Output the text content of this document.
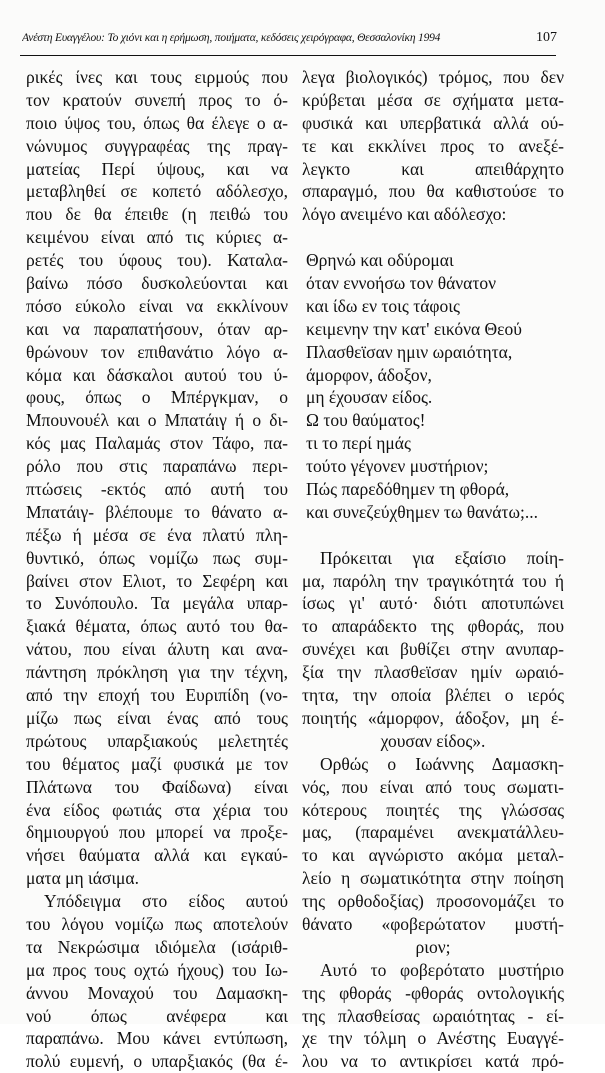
Ανέστη Ευαγγέλου: Το χιόνι και η ερήμωση, ποιήματα, κεδόσεις χειρόγραφα, Θεσσαλονίκη 1994	107
ρικές ίνες και τους ειρμούς που
τον κρατούν συνεπή προς το ό-
ποιο ύψος του, όπως θα έλεγε ο α-
νώνυμος συγγραφέας της πραγ-
ματείας Περί ύψους, και να
μεταβληθεί σε κοπετό αδόλεσχο,
που δε θα έπειθε (η πειθώ του
κειμένου είναι από τις κύριες α-
ρετές του ύφους του). Καταλα-
βαίνω πόσο δυσκολεύονται και
πόσο εύκολο είναι να εκκλίνουν
και να παραπατήσουν, όταν αρ-
θρώνουν τον επιθανάτιο λόγο α-
κόμα και δάσκαλοι αυτού του ύ-
φους, όπως ο Μπέργκμαν, ο
Μπουνουέλ και ο Μπατάιγ ή ο δι-
κός μας Παλαμάς στον Τάφο, πα-
ρόλο που στις παραπάνω περι-
πτώσεις -εκτός από αυτή του
Μπατάιγ- βλέπουμε το θάνατο α-
πέξω ή μέσα σε ένα πλατύ πλη-
θυντικό, όπως νομίζω πως συμ-
βαίνει στον Ελιοτ, το Σεφέρη και
το Συνόπουλο. Τα μεγάλα υπαρ-
ξιακά θέματα, όπως αυτό του θα-
νάτου, που είναι άλυτη και ανα-
πάντηση πρόκληση για την τέχνη,
από την εποχή του Ευριπίδη (νο-
μίζω πως είναι ένας από τους
πρώτους υπαρξιακούς μελετητές
του θέματος μαζί φυσικά με τον
Πλάτωνα του Φαίδωνα) είναι
ένα είδος φωτιάς στα χέρια του
δημιουργού που μπορεί να προξε-
νήσει θαύματα αλλά και εγκαύ-
ματα μη ιάσιμα.
Υπόδειγμα στο είδος αυτού
του λόγου νομίζω πως αποτελούν
τα Νεκρώσιμα ιδιόμελα (ισάριθ-
μα προς τους οχτώ ήχους) του Ιω-
άννου Μοναχού του Δαμασκη-
νού όπως ανέφερα και
παραπάνω. Μου κάνει εντύπωση,
πολύ ευμενή, ο υπαρξιακός (θα έ-
λεγα βιολογικός) τρόμος, που δεν
κρύβεται μέσα σε σχήματα μετα-
φυσικά και υπερβατικά αλλά ού-
τε και εκκλίνει προς το ανεξέ-
λεγκτο και απειθάρχητο
σπαραγμό, που θα καθιστούσε το
λόγο ανειμένο και αδόλεσχο:
Θρηνώ και οδύρομαι
όταν εννοήσω τον θάνατον
και ίδω εν τοις τάφοις
κειμενην την κατ' εικόνα Θεού
Πλασθεϊσαν ημιν ωραιότητα,
άμορφον, άδοξον,
μη έχουσαν είδος.
Ω του θαύματος!
τι το περί ημάς
τούτο γέγονεν μυστήριον;
Πώς παρεδόθημεν τη φθορά,
και συνεζεύχθημεν τω θανάτω;...
Πρόκειται για εξαίσιο ποίη-
μα, παρόλη την τραγικότητά του ή
ίσως γι' αυτό· διότι αποτυπώνει
το απαράδεκτο της φθοράς, που
συνέχει και βυθίζει στην ανυπαρ-
ξία την πλασθεϊσαν ημίν ωραιό-
τητα, την οποία βλέπει ο ιερός
ποιητής «άμορφον, άδοξον, μη έ-
χουσαν είδος».
Ορθώς ο Ιωάννης Δαμασκη-
νός, που είναι από τους σωματι-
κότερους ποιητές της γλώσσας
μας, (παραμένει ανεκματάλλευ-
το και αγνώριστο ακόμα μεταλ-
λείο η σωματικότητα στην ποίηση
της ορθοδοξίας) προσονομάζει το
θάνατο «φοβερώτατον μυστή-
ριον;
Αυτό το φοβερότατο μυστήριο
της φθοράς -φθοράς οντολογικής
της πλασθείσας ωραιότητας - εί-
χε την τόλμη ο Ανέστης Ευαγγέ-
λου να το αντικρίσει κατά πρό-
